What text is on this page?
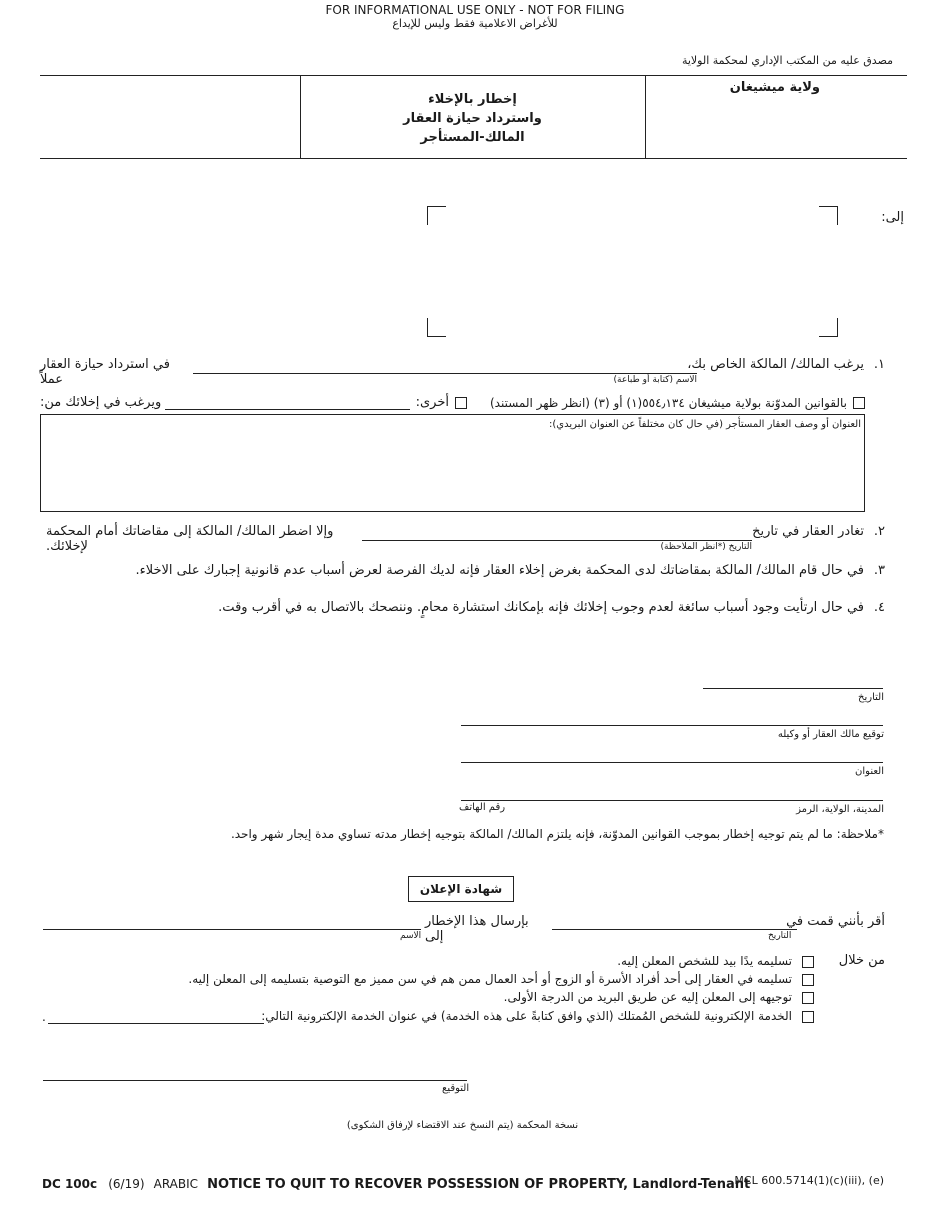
FOR INFORMATIONAL USE ONLY - NOT FOR FILING
للأغراض الاعلامية فقط وليس للإيداع
مصدق عليه من المكتب الإداري لمحكمة الولاية
ولاية ميشيغان
إخطار بالإخلاء
واسترداد حيازة العقار
المالك-المستأجر
إلى:
١.
يرغب المالك/ المالكة الخاص بك،
الاسم (كتابة أو طباعة)
في استرداد حيازة العقار عملاً
بالقوانين المدوّنة بولاية ميشيغان ٥٥٤٫١٣٤(١) أو (٣) (انظر ظهر المستند)
أخرى:
ويرغب في إخلائك من:
العنوان أو وصف العقار المستأجر (في حال كان مختلفاً عن العنوان البريدي):
٢.
تغادر العقار في تاريخ
التاريخ (*انظر الملاحظة)
وإلا اضطر المالك/ المالكة إلى مقاضاتك أمام المحكمة لإخلائك.
٣.
في حال قام المالك/ المالكة بمقاضاتك لدى المحكمة بغرض إخلاء العقار فإنه لديك الفرصة لعرض أسباب عدم قانونية إجبارك على الاخلاء.
٤.
في حال ارتأيت وجود أسباب سائغة لعدم وجوب إخلائك فإنه بإمكانك استشارة محامٍ. وننصحك بالاتصال به في أقرب وقت.
التاريخ
توقيع مالك العقار أو وكيله
العنوان
المدينة، الولاية، الرمز
رقم الهاتف
*ملاحظة: ما لم يتم توجيه إخطار بموجب القوانين المدوّنة، فإنه يلتزم المالك/ المالكة بتوجيه إخطار مدته تساوي مدة إيجار شهر واحد.
شهادة الإعلان
أقر بأنني قمت في
التاريخ
بإرسال هذا الإخطار إلى
الاسم
من خلال
تسليمه يدًا بيد للشخص المعلن إليه.
تسليمه في العقار إلى أحد أفراد الأسرة أو الزوج أو أحد العمال ممن هم في سن مميز مع التوصية بتسليمه إلى المعلن إليه.
توجيهه إلى المعلن إليه عن طريق البريد من الدرجة الأولى.
الخدمة الإلكترونية للشخص المُمتلك (الذي وافق كتابةً على هذه الخدمة) في عنوان الخدمة الإلكترونية التالي:
.
التوقيع
نسخة المحكمة (يتم النسخ عند الاقتضاء لإرفاق الشكوى)
DC 100c (6/19) ARABIC NOTICE TO QUIT TO RECOVER POSSESSION OF PROPERTY, Landlord-Tenant
MCL 600.5714(1)(c)(iii), (e)
